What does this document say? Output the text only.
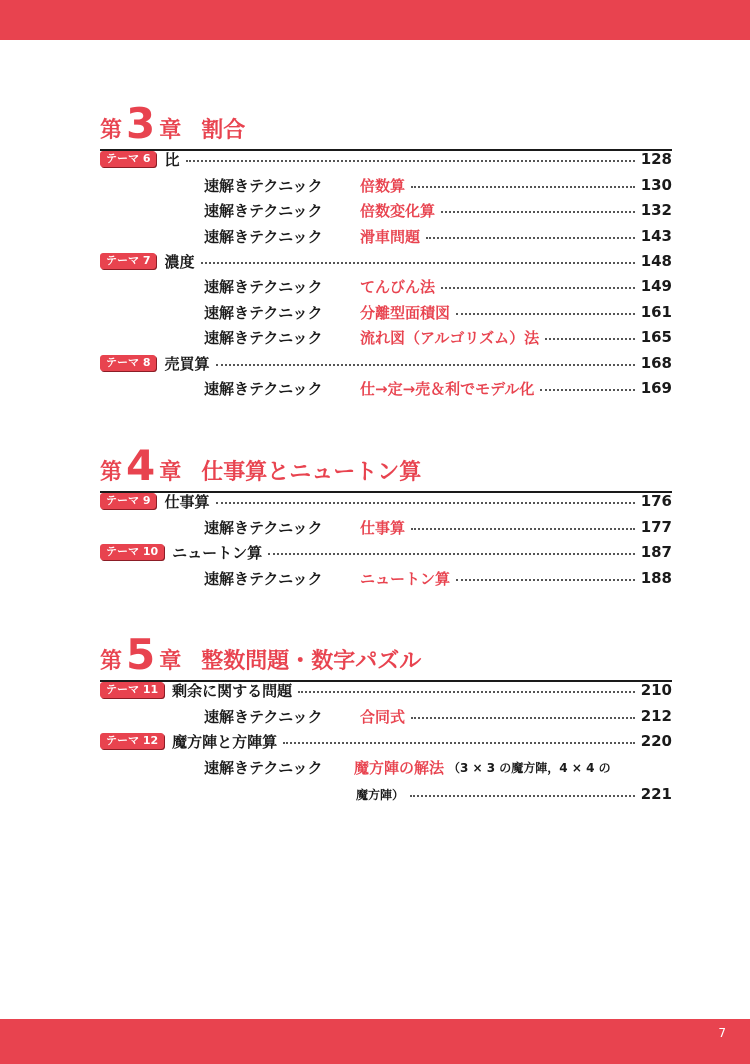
第 3 章 割合
テーマ 6 比	128
速解きテクニック	倍数算	130
速解きテクニック	倍数変化算	132
速解きテクニック	滑車問題	143
テーマ 7 濃度	148
速解きテクニック	てんびん法	149
速解きテクニック	分離型面積図	161
速解きテクニック	流れ図（アルゴリズム）法	165
テーマ 8 売買算	168
速解きテクニック	仕→定→売＆利でモデル化	169
第 4 章 仕事算とニュートン算
テーマ 9 仕事算	176
速解きテクニック	仕事算	177
テーマ 10 ニュートン算	187
速解きテクニック	ニュートン算	188
第 5 章 整数問題・数字パズル
テーマ 11 剰余に関する問題	210
速解きテクニック	合同式	212
テーマ 12 魔方陣と方陣算	220
速解きテクニック	魔方陣の解法 （3 × 3 の魔方陣，4 × 4 の
魔方陣）	221
7
